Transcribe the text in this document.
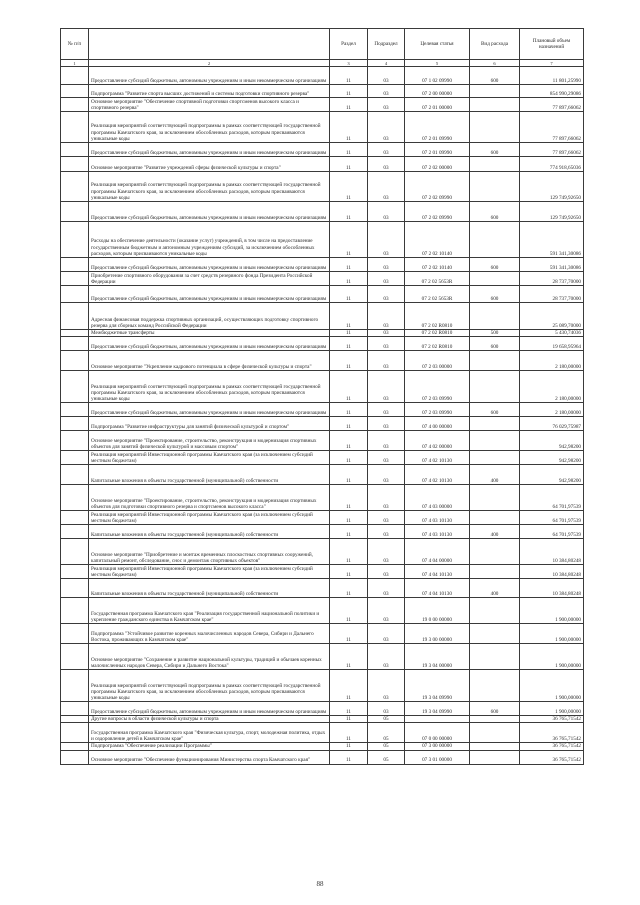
№ п/п		Раздел	Подраздел	Целевая статья	Вид расхода	Плановый объем назначений
1	2	3	4	5	6	7
	Предоставление субсидий бюджетным, автономным учреждениям и иным некоммерческим организациям	11	03	07 1 02 09990	600	11 801,25990
	Подпрограмма "Развитие спорта высших достижений и системы подготовки спортивного резерва"	11	03	07 2 00 00000		854 990,29086
	Основное мероприятие "Обеспечение спортивной подготовки спортсменов высокого класса и спортивного резерва"	11	03	07 2 01 00000		77 897,66062
	Реализация мероприятий соответствующей подпрограммы в рамках соответствующей государственной программы Камчатского края, за исключением обособленных расходов, которым присваиваются уникальные коды	11	03	07 2 01 09990		77 897,66062
	Предоставление субсидий бюджетным, автономным учреждениям и иным некоммерческим организациям	11	03	07 2 01 09990	600	77 897,66062
	Основное мероприятие "Развитие учреждений сферы физической культуры и спорта"	11	03	07 2 02 00000		774 918,65036
	Реализация мероприятий соответствующей подпрограммы в рамках соответствующей государственной программы Камчатского края, за исключением обособленных расходов, которым присваиваются уникальные коды	11	03	07 2 02 09990		129 749,92650
	Предоставление субсидий бюджетным, автономным учреждениям и иным некоммерческим организациям	11	03	07 2 02 09990	600	129 749,92650
	Расходы на обеспечение деятельности (оказание услуг) учреждений, в том числе на предоставление государственным бюджетным и автономным учреждениям субсидий, за исключением обособленных расходов, которым присваиваются уникальные коды	11	03	07 2 02 10140		591 341,30086
	Предоставление субсидий бюджетным, автономным учреждениям и иным некоммерческим организациям	11	03	07 2 02 10140	600	591 341,30086
	Приобретение спортивного оборудования за счет средств резервного фонда Президента Российской Федерации	11	03	07 2 02 5653R		28 737,70000
	Предоставление субсидий бюджетным, автономным учреждениям и иным некоммерческим организациям	11	03	07 2 02 5653R	600	28 737,70000
	Адресная финансовая поддержка спортивных организаций, осуществляющих подготовку спортивного резерва для сборных команд Российской Федерации	11	03	07 2 02 R0810		25 089,70000
	Межбюджетные трансферты	11	03	07 2 02 R0810	500	5 430,74036
	Предоставление субсидий бюджетным, автономным учреждениям и иным некоммерческим организациям	11	03	07 2 02 R0810	600	19 658,95964
	Основное мероприятие "Укрепление кадрового потенциала в сфере физической культуры и спорта"	11	03	07 2 03 00000		2 180,00000
	Реализация мероприятий соответствующей подпрограммы в рамках соответствующей государственной программы Камчатского края, за исключением обособленных расходов, которым присваиваются уникальные коды	11	03	07 2 03 09990		2 180,00000
	Предоставление субсидий бюджетным, автономным учреждениям и иным некоммерческим организациям	11	03	07 2 03 09990	600	2 180,00000
	Подпрограмма "Развитие инфраструктуры для занятий физической культурой и спортом"	11	03	07 4 00 00000		76 029,75987
	Основное мероприятие "Проектирование, строительство, реконструкция и модернизация спортивных объектов для занятий физической культурой и массовым спортом"	11	03	07 4 02 00000		942,98200
	Реализация мероприятий Инвестиционной программы Камчатского края (за исключением субсидий местным бюджетам)	11	03	07 4 02 10130		942,98200
	Капитальные вложения в объекты государственной (муниципальной) собственности	11	03	07 4 02 10130	400	942,98200
	Основное мероприятие "Проектирование, строительство, реконструкция и модернизация спортивных объектов для подготовки спортивного резерва и спортсменов высокого класса"	11	03	07 4 03 00000		64 701,97539
	Реализация мероприятий Инвестиционной программы Камчатского края (за исключением субсидий местным бюджетам)	11	03	07 4 03 10130		64 701,97539
	Капитальные вложения в объекты государственной (муниципальной) собственности	11	03	07 4 03 10130	400	64 701,97539
	Основное мероприятие "Приобретение и монтаж временных плоскостных спортивных сооружений, капитальный ремонт, обследование, снос и демонтаж спортивных объектов"	11	03	07 4 04 00000		10 384,80248
	Реализация мероприятий Инвестиционной программы Камчатского края (за исключением субсидий местным бюджетам)	11	03	07 4 04 10130		10 384,80248
	Капитальные вложения в объекты государственной (муниципальной) собственности	11	03	07 4 04 10130	400	10 384,80248
	Государственная программа Камчатского края "Реализация государственной национальной политики и укрепление гражданского единства в Камчатском крае"	11	03	19 0 00 00000		1 900,00000
	Подпрограмма "Устойчивое развитие коренных малочисленных народов Севера, Сибири и Дальнего Востока, проживающих в Камчатском крае"	11	03	19 3 00 00000		1 900,00000
	Основное мероприятие "Сохранение и развитие национальной культуры, традиций и обычаев коренных малочисленных народов Севера, Сибири и Дальнего Востока"	11	03	19 3 04 00000		1 900,00000
	Реализация мероприятий соответствующей подпрограммы в рамках соответствующей государственной программы Камчатского края, за исключением обособленных расходов, которым присваиваются уникальные коды	11	03	19 3 04 09990		1 900,00000
	Предоставление субсидий бюджетным, автономным учреждениям и иным некоммерческим организациям	11	03	19 3 04 09990	600	1 900,00000
	Другие вопросы в области физической культуры и спорта	11	05			36 765,71542
	Государственная программа Камчатского края "Физическая культура, спорт, молодежная политика, отдых и оздоровление детей в Камчатском крае"	11	05	07 0 00 00000		36 765,71542
	Подпрограмма "Обеспечение реализации Программы"	11	05	07 3 00 00000		36 765,71542
	Основное мероприятие "Обеспечение функционирования Министерства спорта Камчатского края"	11	05	07 3 01 00000		36 765,71542
88
